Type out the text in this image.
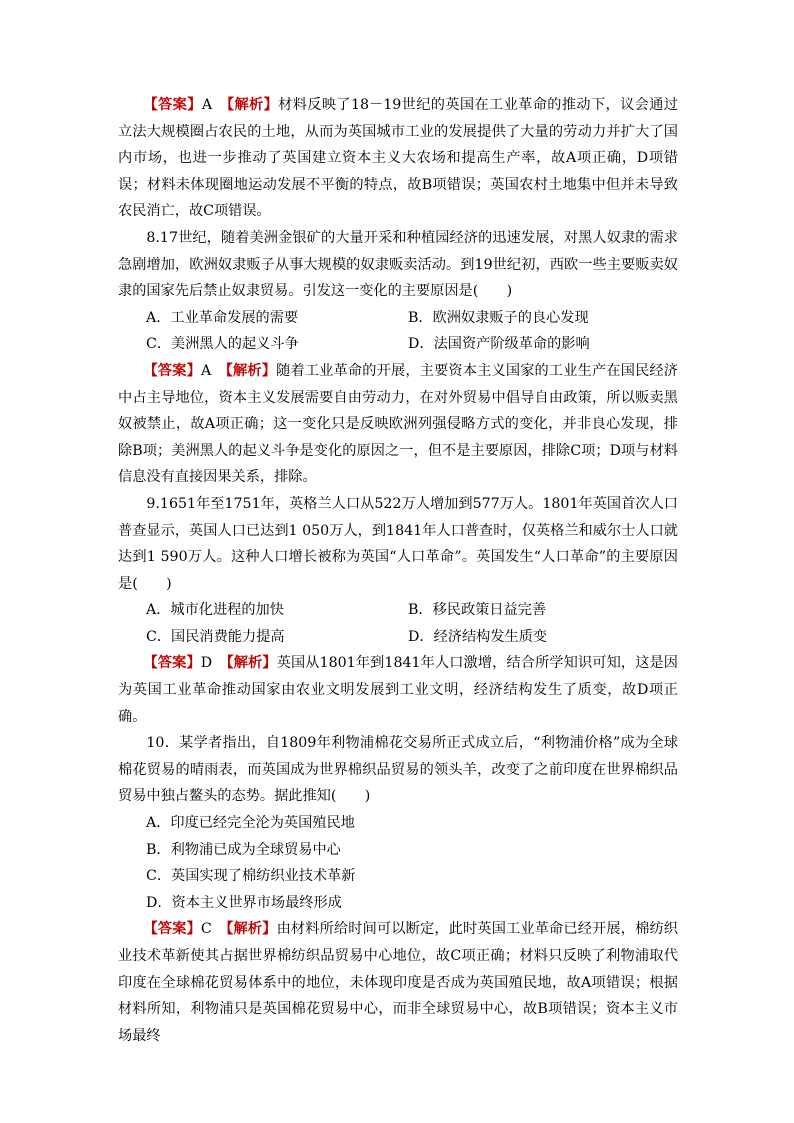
【答案】A　 【解析】材料反映了18－19世纪的英国在工业革命的推动下，议会通过立法大规模圈占农民的土地，从而为英国城市工业的发展提供了大量的劳动力并扩大了国内市场，也进一步推动了英国建立资本主义大农场和提高生产率，故A项正确，D项错误；材料未体现圈地运动发展不平衡的特点，故B项错误；英国农村土地集中但并未导致农民消亡，故C项错误。

8.17世纪，随着美洲金银矿的大量开采和种植园经济的迅速发展，对黑人奴隶的需求急剧增加，欧洲奴隶贩子从事大规模的奴隶贩卖活动。到19世纪初，西欧一些主要贩卖奴隶的国家先后禁止奴隶贸易。引发这一变化的主要原因是(　　)

A．工业革命发展的需要	B．欧洲奴隶贩子的良心发现
C．美洲黑人的起义斗争	D．法国资产阶级革命的影响

【答案】A　 【解析】随着工业革命的开展，主要资本主义国家的工业生产在国民经济中占主导地位，资本主义发展需要自由劳动力，在对外贸易中倡导自由政策，所以贩卖黑奴被禁止，故A项正确；这一变化只是反映欧洲列强侵略方式的变化，并非良心发现，排除B项；美洲黑人的起义斗争是变化的原因之一，但不是主要原因，排除C项；D项与材料信息没有直接因果关系，排除。

9.1651年至1751年，英格兰人口从522万人增加到577万人。1801年英国首次人口普查显示，英国人口已达到1 050万人，到1841年人口普查时，仅英格兰和威尔士人口就达到1 590万人。这种人口增长被称为英国“人口革命”。英国发生“人口革命”的主要原因是(　　)

A．城市化进程的加快	B．移民政策日益完善
C．国民消费能力提高	D．经济结构发生质变

【答案】D　 【解析】英国从1801年到1841年人口激增，结合所学知识可知，这是因为英国工业革命推动国家由农业文明发展到工业文明，经济结构发生了质变，故D项正确。

10．某学者指出，自1809年利物浦棉花交易所正式成立后，“利物浦价格”成为全球棉花贸易的晴雨表，而英国成为世界棉织品贸易的领头羊，改变了之前印度在世界棉织品贸易中独占鳌头的态势。据此推知(　　)

A．印度已经完全沦为英国殖民地
B．利物浦已成为全球贸易中心
C．英国实现了棉纺织业技术革新
D．资本主义世界市场最终形成

【答案】C　 【解析】由材料所给时间可以断定，此时英国工业革命已经开展，棉纺织业技术革新使其占据世界棉纺织品贸易中心地位，故C项正确；材料只反映了利物浦取代印度在全球棉花贸易体系中的地位，未体现印度是否成为英国殖民地，故A项错误；根据材料所知，利物浦只是英国棉花贸易中心，而非全球贸易中心，故B项错误；资本主义市场最终
